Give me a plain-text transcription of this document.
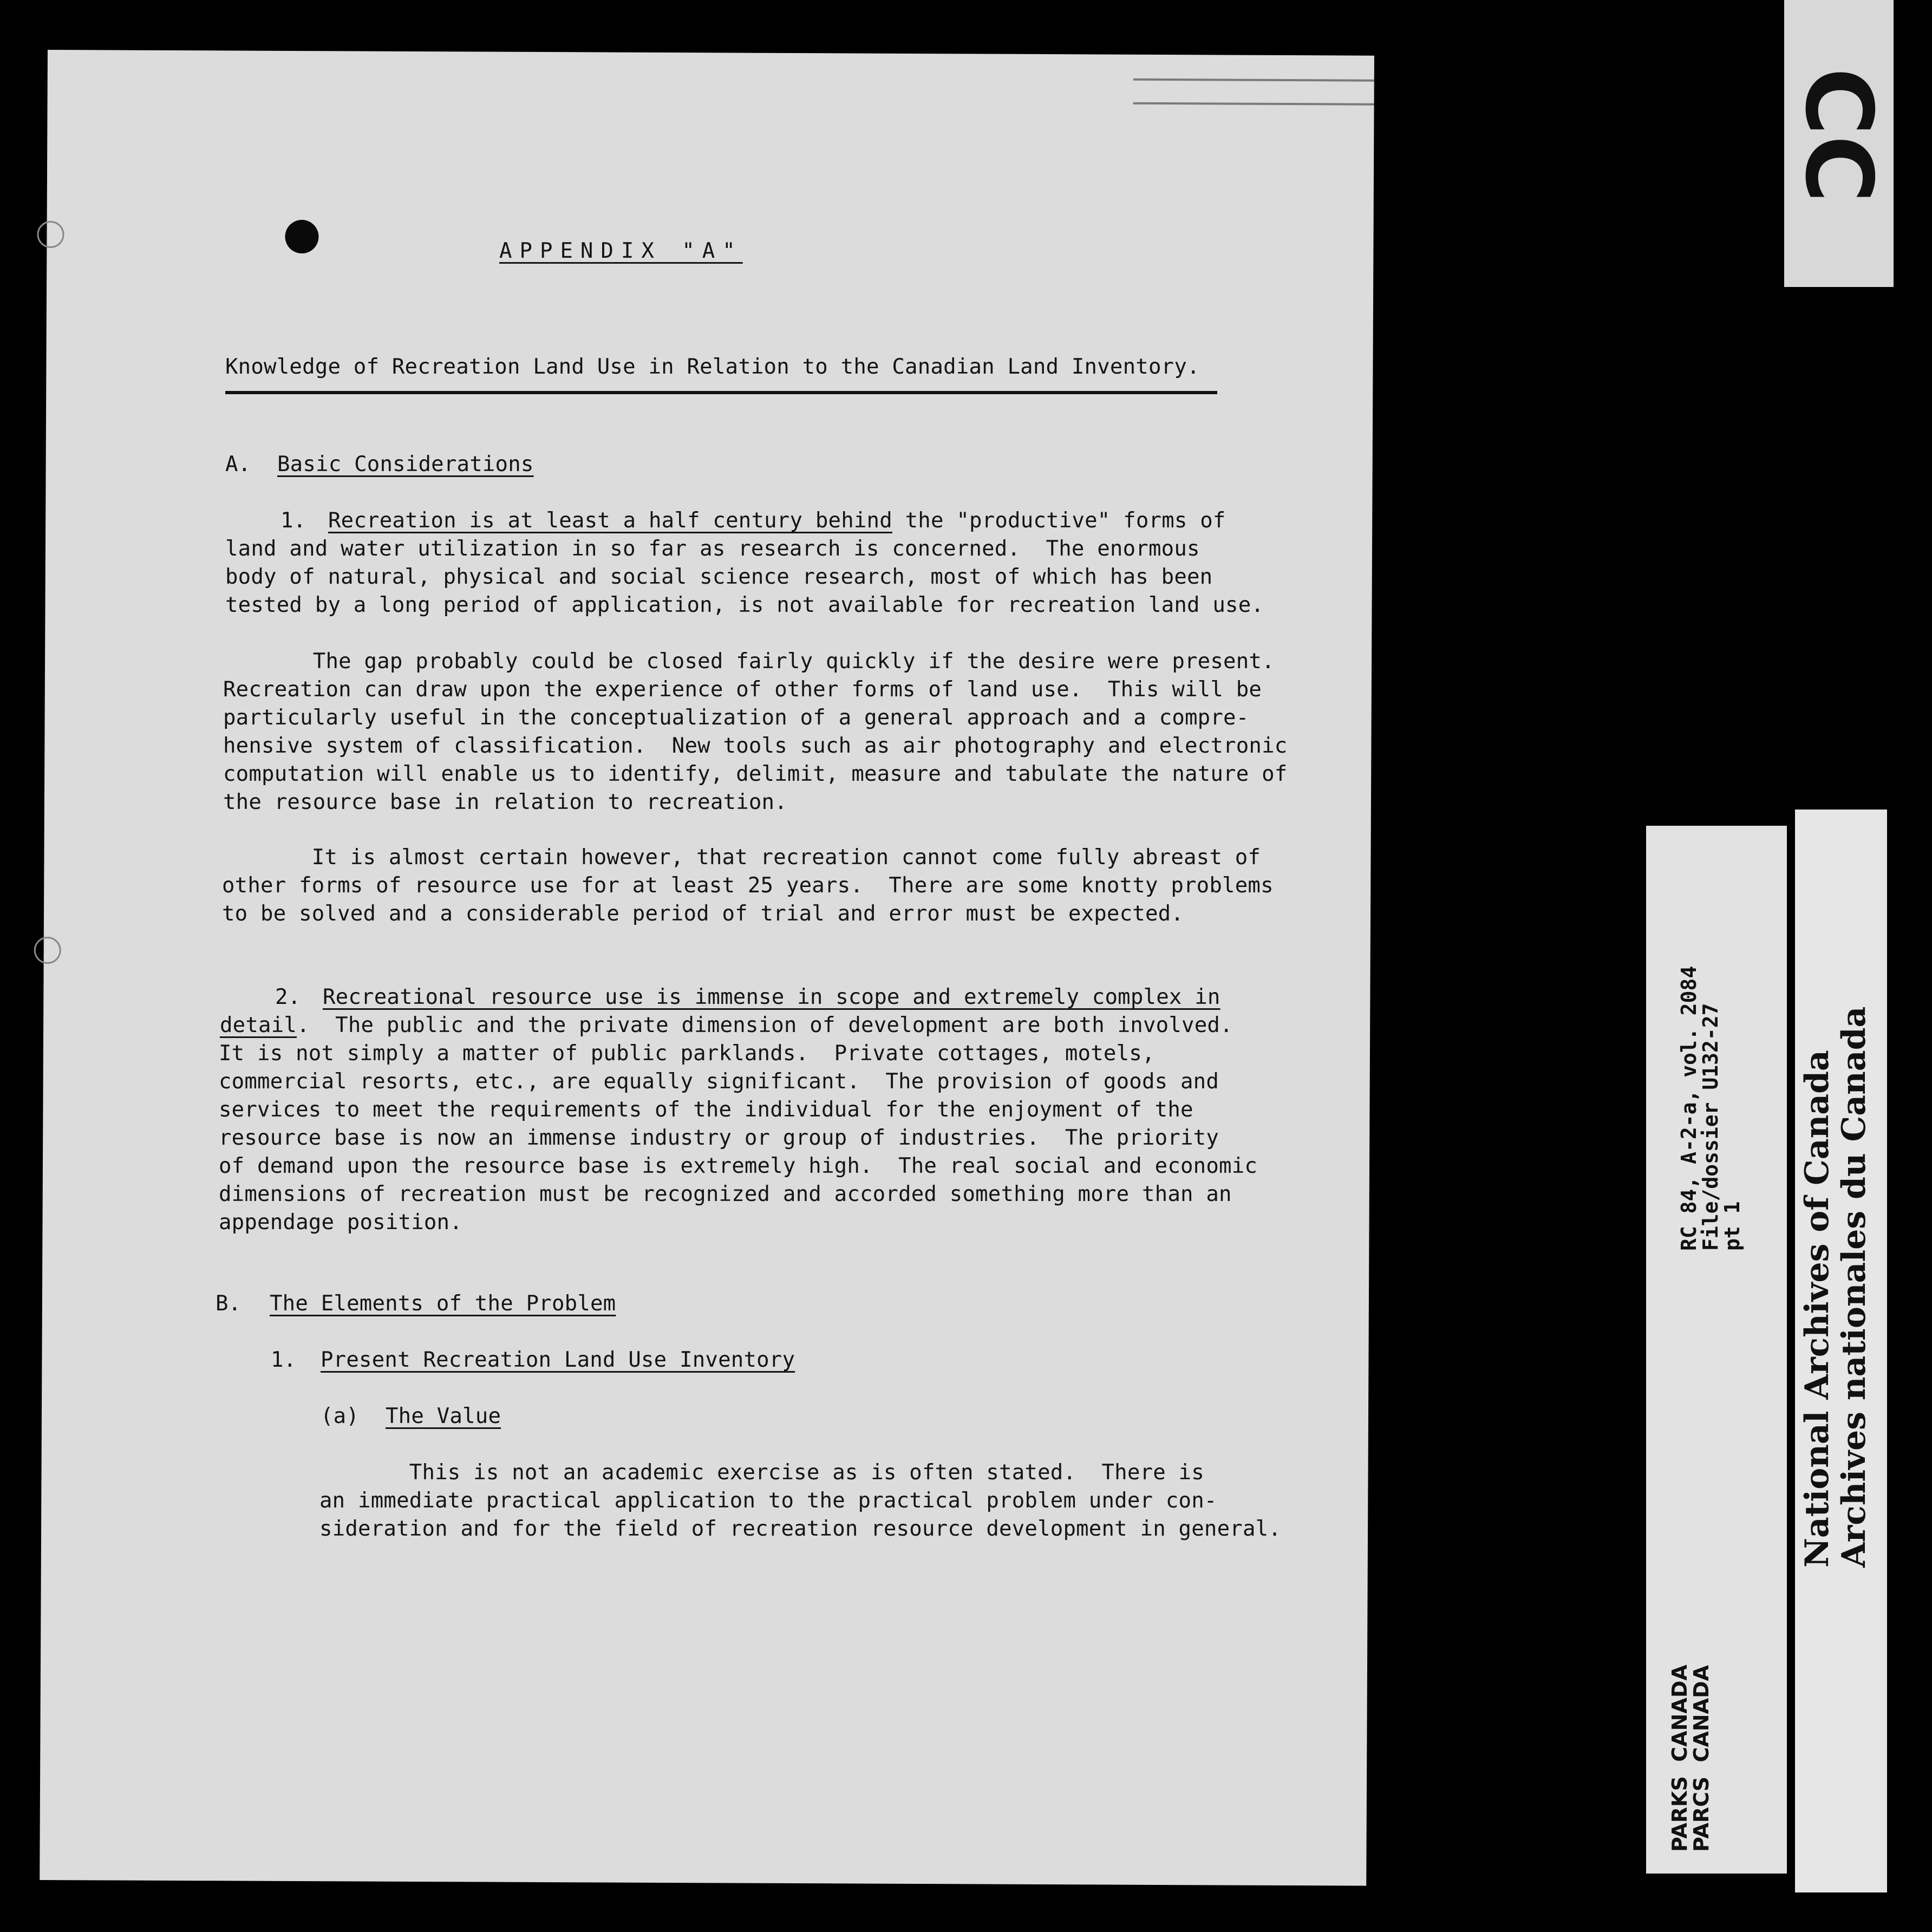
APPENDIX "A"
Knowledge of Recreation Land Use in Relation to the Canadian Land Inventory.
A. Basic Considerations
1. Recreation is at least a half century behind the "productive" forms of
land and water utilization in so far as research is concerned.  The enormous
body of natural, physical and social science research, most of which has been
tested by a long period of application, is not available for recreation land use.
The gap probably could be closed fairly quickly if the desire were present.
Recreation can draw upon the experience of other forms of land use.  This will be
particularly useful in the conceptualization of a general approach and a compre-
hensive system of classification.  New tools such as air photography and electronic
computation will enable us to identify, delimit, measure and tabulate the nature of
the resource base in relation to recreation.
It is almost certain however, that recreation cannot come fully abreast of
other forms of resource use for at least 25 years.  There are some knotty problems
to be solved and a considerable period of trial and error must be expected.
2. Recreational resource use is immense in scope and extremely complex in
detail.  The public and the private dimension of development are both involved.
It is not simply a matter of public parklands.  Private cottages, motels,
commercial resorts, etc., are equally significant.  The provision of goods and
services to meet the requirements of the individual for the enjoyment of the
resource base is now an immense industry or group of industries.  The priority
of demand upon the resource base is extremely high.  The real social and economic
dimensions of recreation must be recognized and accorded something more than an
appendage position.
B. The Elements of the Problem
1. Present Recreation Land Use Inventory
(a) The Value
This is not an academic exercise as is often stated.  There is
an immediate practical application to the practical problem under con-
sideration and for the field of recreation resource development in general.
CC
PARKS  CANADA
PARCS  CANADA
RC 84, A-2-a, vol. 2084
File/dossier U132-27
pt 1 National Archives of Canada
Archives nationales du Canada
